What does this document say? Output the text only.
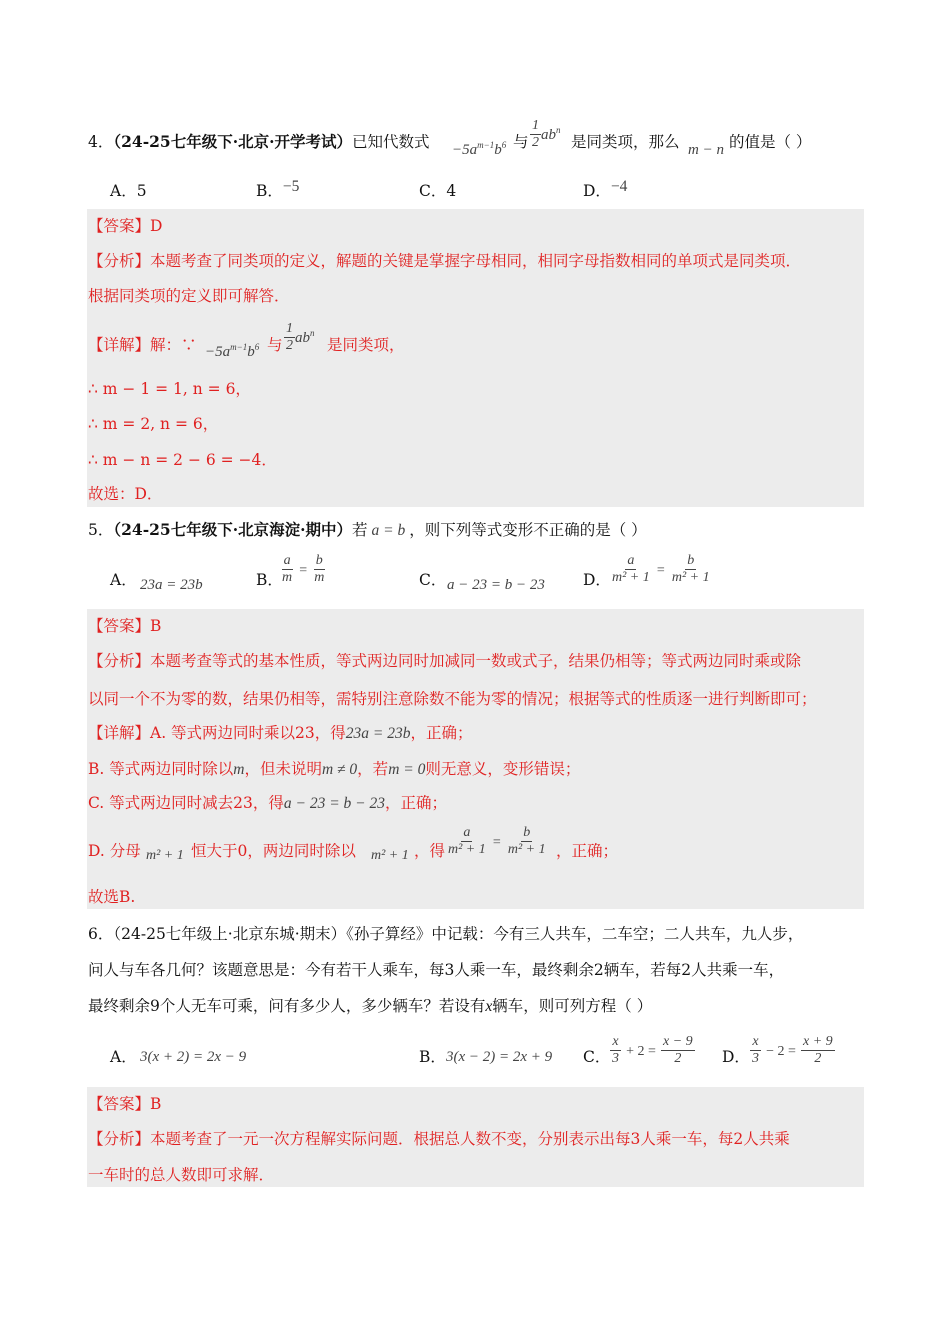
4．（24-25七年级下·北京·开学考试）已知代数式 $-5a^{m-1}b^6$ 与 $\frac{1}{2} ab^n$
是同类项，那么 m − n 的值是（ ）
A．5	B．−5	C．4	D．−4
【答案】D
【分析】本题考查了同类项的定义，解题的关键是掌握字母相同，相同字母指数相同的单项式是同类项．
根据同类项的定义即可解答．
【详解】解：∵ $-5a^{m-1}b^6$ 与 $\frac{1}{2} ab^n$
是同类项，
∴ m − 1 = 1, n = 6，
∴ m = 2, n = 6，
∴ m − n = 2 − 6 = −4．
故选：D．
5．（24-25七年级下·北京海淀·期中）若 a = b ，则下列等式变形不正确的是（ ）
A． 23a = 23b	B．
$\frac{a}{m} = \frac{b}{m}$	C． a − 23 = b − 23 D． $\frac{a}{\text{m² + 1}} = \frac{b}{\text{m² + 1}}$
【答案】B
【分析】本题考查等式的基本性质，等式两边同时加减同一数或式子，结果仍相等；等式两边同时乘或除
以同一个不为零的数，结果仍相等，需特别注意除数不能为零的情况；根据等式的性质逐一进行判断即可；
【详解】A. 等式两边同时乘以23，得23a = 23b，正确；
B. 等式两边同时除以m，但未说明m ≠ 0，若m = 0则无意义，变形错误；
C. 等式两边同时减去23，得a − 23 = b − 23，正确；
D. 分母 m² + 1 恒大于0，两边同时除以 m² + 1 ，得 $\frac{a}{\text{m² + 1}} = \frac{b}{\text{m² + 1}}$ ，正确；
故选B.
6．（24-25七年级上·北京东城·期末）《孙子算经》中记载：今有三人共车，二车空；二人共车，九人步，
问人与车各几何？该题意思是：今有若干人乘车，每3人乘一车，最终剩余2辆车，若每2人共乘一车，
最终剩余9个人无车可乘，问有多少人，多少辆车？若设有x辆车，则可列方程（ ）
A． 3(x + 2) = 2x − 9	B． 3(x − 2) = 2x + 9 C． $\frac{x}{3} + 2 = \frac{x - 9}{2}$ D． $\frac{x}{3} - 2 = \frac{x + 9}{2}$
【答案】B
【分析】本题考查了一元一次方程解实际问题．根据总人数不变，分别表示出每3人乘一车，每2人共乘
一车时的总人数即可求解．
